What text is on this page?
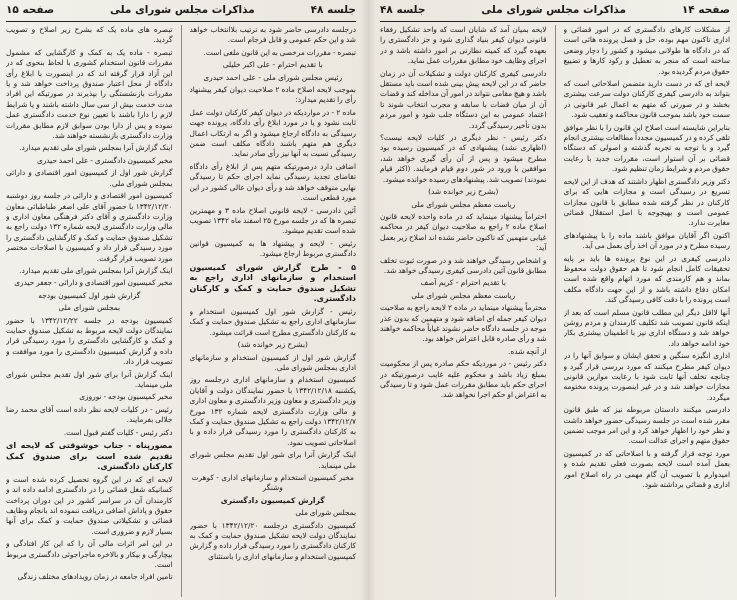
جلسه ۴۸
مذاکرات مجلس شورای ملی
صفحه ۱۵
درجلسه دادرسی حاضر شود به ترتیب بلاانتخاب خواهد شد و این حکم عمومی و قابل فرجام است.
تبصره - مقررات مرخصی به این قانون ملغی است.
با تقدیم احترام - علی اکبر خلیلی
رئیس مجلس شورای ملی - علی احمد حیدری
بموجب لایحه اصلاح ماده ۲ صلاحیت دیوان کیفر پیشنهاد رأی را تقدیم میدارد:
ماده ۲ - در مواردیکه در دیوان کیفر کارکنان دولت عمل ثابت نشود و یا در مورد ابلاغ رأی دادگاه، پرونده جهت رسیدگی به دادگاه ارجاع میشود و اگر به ارتکاب اعمال دیگری هم متهم باشند دادگاه مکلف است ضمن رسیدگی نسبت به آنها نیز رأی صادر نماید.
اضافی دارد درصورتیکه متهم پس از ابلاغ رأی دادگاه تقاضای تجدید رسیدگی نماید اجرای حکم تا رسیدگی نهایی متوقف خواهد شد و رأی دیوان عالی کشور در این مورد قطعی است.
آئین دادرسی - لایحه قانونی اصلاح ماده ۳ و مهمترین تبصره ها که در جلسه مورخ ۲۵ اسفند ماه ۱۳۴۲ تصویب شده است تقدیم میشود.
رئیس - لایحه و پیشنهاد ها به کمیسیون قوانین دادگستری مربوط ارجاع میشود.
۵ - طرح گزارش شورای کمیسیون استخدام و سازمانهای اداری راجع به تشکیل صندوق حمایت و کمک و کارکنان دادگستری.
رئیس - گزارش شور اول کمیسیون استخدام و سازمانهای اداری راجع به تشکیل صندوق حمایت و کمک به کارکنان دادگستری مطرح است قرائت میشود.
(بشرح زیر خوانده شد)
گزارش شور اول از کمیسیون استخدام و سازمانهای اداری بمجلس شورای ملی.
کمیسیون استخدام و سازمانهای اداری درجلسه روز یکشنبه ۱۳۴۲/۱۲/۱۸ با حضور نمایندگان دولت و آقایان وزیر دادگستری و معاون وزیر دادگستری و معاون اداری و مالی وزارت دادگستری لایحه شماره ۱۳۲ مورخ ۱۳۴۲/۱۲/۷ دولت راجع به تشکیل صندوق حمایت و کمک به کارکنان دادگستری را مورد رسیدگی قرار داده و با اصلاحاتی تصویب نمود.
اینک گزارش آنرا برای شور اول تقدیم مجلس شورای ملی مینماید.
مخبر کمیسیون استخدام و سازمانهای اداری - کوهرت وشنگر
گزارش کمیسیون دادگستری
بمجلس شورای ملی
کمیسیون دادگستری درجلسه ۱۳۴۲/۱۲/۲۰ با حضور نمایندگان دولت لایحه تشکیل صندوق حمایت و کمک به کارکنان دادگستری را مورد رسیدگی قرار داده و گزارش کمیسیون استخدام و سازمانهای اداری را باستثنای
تبصره های ماده یک که بشرح زیر اصلاح و تصویب گردید.
تبصره - ماده یک به کمک و کارگشایی که مشمول مقررات قانون استخدام کشوری با لحاظ بنحوی که در این آزاد قرار گرفته اند که در اینصورت با ابلاغ رأی دادگاه از محل اعتبار صندوق پرداخت خواهد شد و یا مقررات بازنشستگی را بپذیرند در صورتیکه این افراد مدت خدمت بیش از سی سال داشته باشند و یا شرایط لازم را دارا باشند با تعیین نوع خدمت دادگستری عمل نموده و پس از دارا بودن سوابق لازم مطابق مقررات وزارت دادگستری بازنشسته خواهند شد.
اینک گزارش آنرا بمجلس شورای ملی تقدیم میدارد.
مخبر کمیسیون دادگستری - علی احمد حیدری
گزارش شور اول از کمیسیون امور اقتصادی و دارائی بمجلس شورای ملی.
کمیسیون امور اقتصادی و دارائی در جلسه روز دوشنبه ۱۳۴۲/۱۲/۲۰ با حضور آقای علی اصغر طباطبائی معاون وزارت دادگستری و آقای دکتر فرهنگی معاون اداری و مالی وزارت دادگستری لایحه شماره ۱۳۲ دولت راجع به تشکیل صندوق حمایت و کمک و کارگشایی دادگستری را مورد رسیدگی قرار داد و کمیسیون با اصلاحات مختصر مورد تصویب قرار گرفت.
اینک گزارش آنرا بمجلس شورای ملی تقدیم میدارد.
مخبر کمیسیون امور اقتصادی و دارائی - جعفر حیدری
گزارش شور اول کمیسیون بودجه
بمجلس شورای ملی
کمیسیون بودجه در جلسه ۱۳۴۲/۱۲/۲۲ با حضور نمایندگان دولت لایحه مربوط به تشکیل صندوق حمایت و کمک و کارگشایی دادگستری را مورد رسیدگی قرار داده و گزارش کمیسیون دادگستری را مورد موافقت و تصویب قرار داد.
اینک گزارش آنرا برای شور اول تقدیم مجلس شورای ملی مینماید.
مخبر کمیسیون بودجه - نوروزی
رئیس - در کلیات لایحه نظر داده است آقای محمد رضا جلالی بفرمایند.
دکتر رئیس - کلیات گفتم قبول است.
مصورپناه - جناب خوشوقتی که لایحه ای تقدیم شده است برای صندوق کمک کارکنان دادگستری.
لایحه ای که در این گروه تحصیل کرده شده است و کسانیکه شغل قضائی را در دادگستری ادامه داده اند و کارمندان آن در سراسر کشور در این دوران پرداخت حقوق و پاداش اضافی دریافت ننموده اند بانجام وظایف قضائی و تشکیلاتی صندوق حمایت و کمک برای آنها بسیار لازم و ضروری است.
در این امر اثرات مالی آن را که این کار افتادگی و بیچارگی و بیکار و بالاخره ماجراجوئی دادگستری مربوط است.
تامین افراد جامعه در زمان رویدادهای مختلف زندگی
صفحه ۱۴
مذاکرات مجلس شورای ملی
جلسه ۴۸
از مشکلات کارهای دادگستری که در امور قضائی و اداری تاکنون مهم بوده، حل و فصل پرونده هائی است که در دادگاه ها طولانی میشود و کشور را دچار وضعی ساخته است که منجر به تعطیل و رکود کارها و تضییع حقوق مردم گردیده بود.
لایحه ای که در دست دارید متضمن اصلاحاتی است که بتواند به دادرسی کیفری کارکنان دولت سرعت بیشتری بخشد و در صورتی که متهم به اعمال غیر قانونی در سمت خود باشد بموجب قانون محاکمه و تعقیب شود.
بنابراین شایسته است اصلاح این قانون را با نظر موافق تلقی کرده و در کمیسیون مجدداً مطالعات بیشتری انجام گیرد و با توجه به تجربه گذشته و اصولی که دستگاه قضائی بر آن استوار است، مقررات جدید با رعایت حقوق مردم و شرایط زمان تنظیم شود.
دکتر وزیر دادگستری اظهار داشتند که هدف از این لایحه تسریع در رسیدگی است و مجازات هایی که برای کارکنان در نظر گرفته شده مطابق با قانون مجازات عمومی است و بهیچوجه با اصل استقلال قضائی مغایرت ندارد.
اکنون اگر آقایان موافق باشند ماده را با پیشنهادهای رسیده مطرح و در مورد آن اخذ رأی بعمل می آید.
دادرسی کیفری در این نوع پرونده ها باید بر پایه تحقیقات کامل انجام شود تا هم حقوق دولت محفوظ بماند و هم کارمندی که مورد اتهام واقع شده است امکان دفاع داشته باشد و از این جهت دادگاه مکلف است پرونده را با دقت کافی رسیدگی کند.
آنها لااقل دیگر این مطلب قانون مسلم است که بعد از اینکه قانون تصویب شد تکلیف کارمندان و مردم روشن خواهد شد و دستگاه اداری نیز با اطمینان بیشتری بکار خود ادامه خواهد داد.
اداری انگیزه سنگین و تحقق ایشان و سوابق آنها را در دیوان کیفر مطرح میکنند که مورد بررسی قرار گیرد و چنانچه تخلف آنها ثابت شود با رعایت موازین قانونی مجازات خواهند شد و در غیر اینصورت پرونده مختومه میگردد.
دادرسی میکنند دادستان مربوطه نیز که طبق قانون مقرر شده است در جلسه رسیدگی حضور خواهد داشت و نظر خود را اظهار خواهد کرد و این امر موجب تضمین حقوق متهم و اجرای عدالت است.
مورد توجه قرار گرفته و با اصلاحاتی که در کمیسیون بعمل آمده است لایحه بصورت فعلی تقدیم شده و امیدوارم با تصویب آن گام مهمی در راه اصلاح امور اداری و قضائی برداشته شود.
لایحه بمیان آمد که شایان است که واحد تشکیل رفقاء قانونی دیوان کیفر بنیاد گذاری شود و جز دادگستری را بعهده گیرد که کمیته نظارتی بر امور داشته باشد و در اجرای وظایف خود مطابق مقررات عمل نماید.
دادرسی کیفری کارکنان دولت و تشکیلات آن در زمان حاضر که در این لایحه پیش بینی شده است باید مستقل باشد و هیچ مقامی نتواند در امور آن مداخله کند و قضات آن از میان قضات با سابقه و مجرب انتخاب شوند تا اعتماد عمومی به این دستگاه جلب شود و امور مردم بدون تأخیر رسیدگی گردد.
دکتر رئیس - نظر دیگری در کلیات لایحه نیست؟ (اظهاری نشد) پیشنهادی که در کمیسیون رسیده بود مطرح میشود و پس از آن رأی گیری خواهد شد، موافقین با ورود در شور دوم قیام فرمایند. (اکثر قیام نمودند) تصویب شد. پیشنهادهای رسیده خوانده میشود.
(بشرح زیر خوانده شد)
ریاست معظم مجلس شورای ملی
احتراماً پیشنهاد مینماید که در ماده واحده لایحه قانون اصلاح ماده ۲ راجع به صلاحیت دیوان کیفر در محاکمه غیابی متهمین که تاکنون حاضر نشده اند اصلاح زیر بعمل آید:
و اشخاص رسیدگی خواهند شد و در صورت ثبوت تخلف مطابق قانون آئین دادرسی کیفری رسیدگی خواهد شد.
با تقدیم احترام - کریم آصف
ریاست معظم مجلس شورای ملی
محترماً پیشنهاد مینماید در ماده ۲ لایحه راجع به صلاحیت دیوان کیفر جمله ای اضافه شود و متهمین که بدون عذر موجه در جلسه دادگاه حاضر نشوند غیاباً محاکمه خواهند شد و رأی صادره قابل اعتراض خواهد بود.
از آنچه شده.
دکتر رئیس - در موردیکه حکم صادره پس از محکومیت بمبلغ زیاد باشد و محکوم علیه غایب درصورتیکه در اجرای حکم باید مطابق مقررات عمل شود و تا رسیدگی به اعتراض او حکم اجرا نخواهد شد.
